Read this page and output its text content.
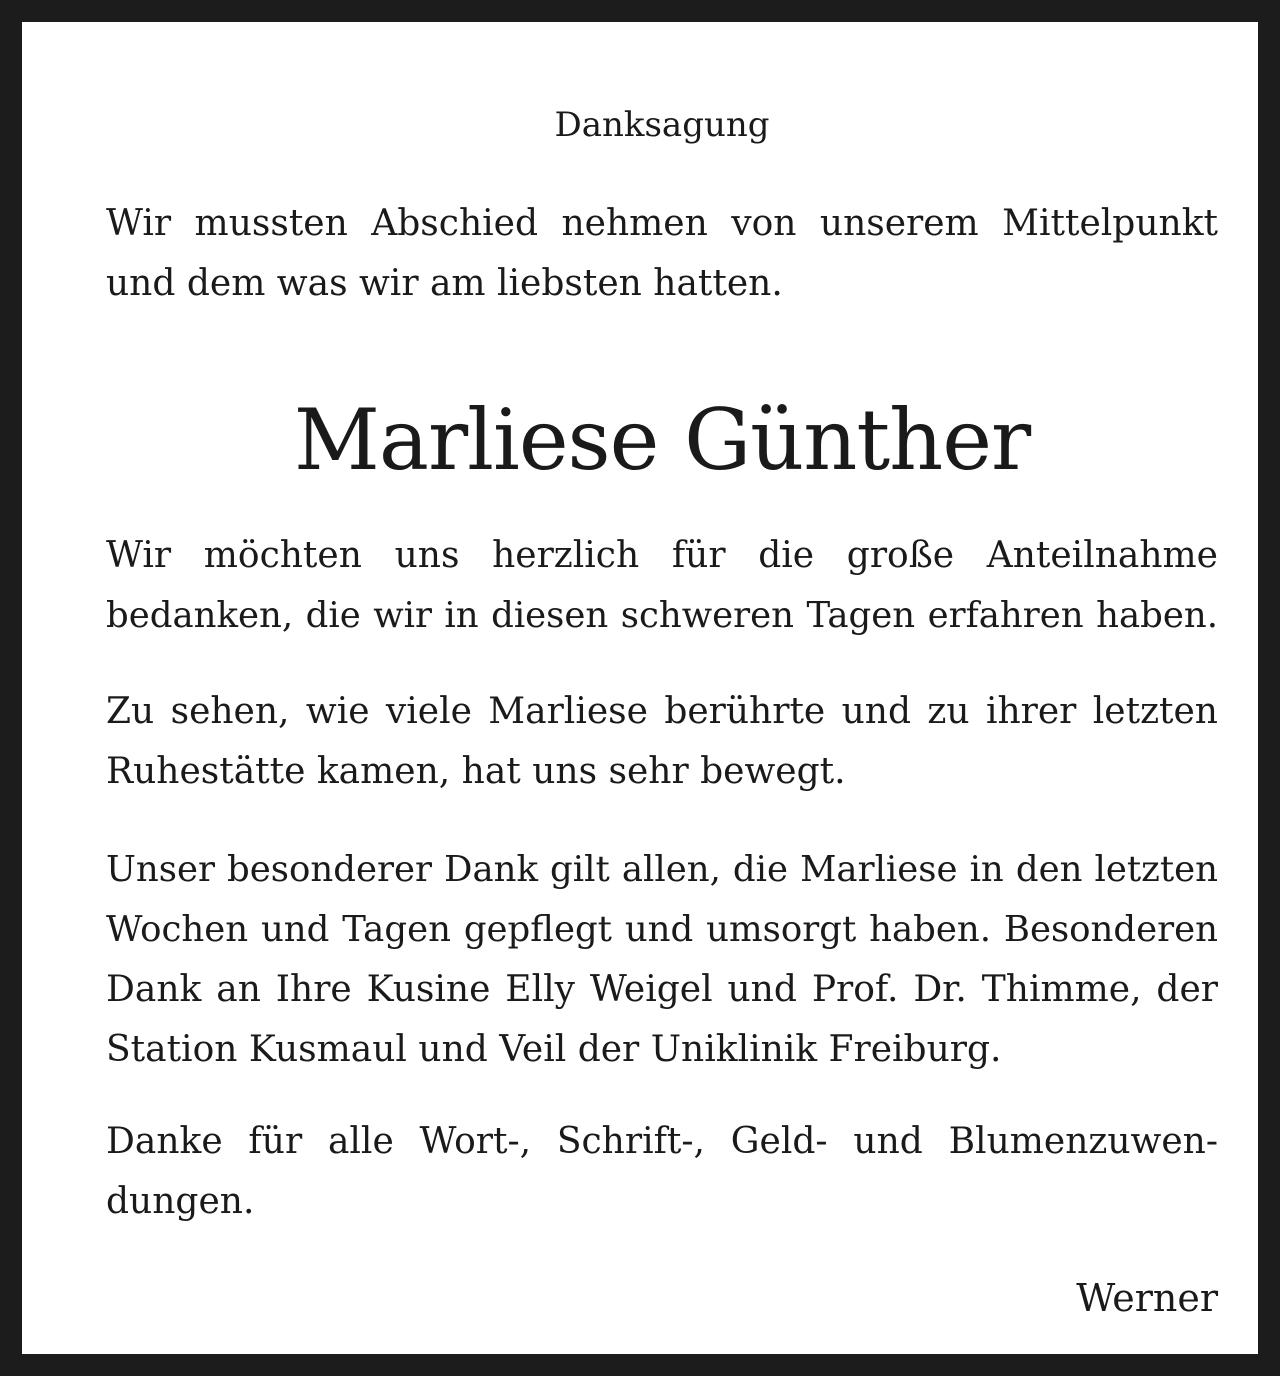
Danksagung
Wir mussten Abschied nehmen von unserem Mittelpunkt
und dem was wir am liebsten hatten.
Marliese Günther
Wir möchten uns herzlich für die große Anteilnahme
bedanken, die wir in diesen schweren Tagen erfahren haben.
Zu sehen, wie viele Marliese berührte und zu ihrer letzten
Ruhestätte kamen, hat uns sehr bewegt.
Unser besonderer Dank gilt allen, die Marliese in den letzten
Wochen und Tagen gepflegt und umsorgt haben. Besonderen
Dank an Ihre Kusine Elly Weigel und Prof. Dr. Thimme, der
Station Kusmaul und Veil der Uniklinik Freiburg.
Danke für alle Wort-, Schrift-, Geld- und Blumenzuwen-
dungen.
Werner
